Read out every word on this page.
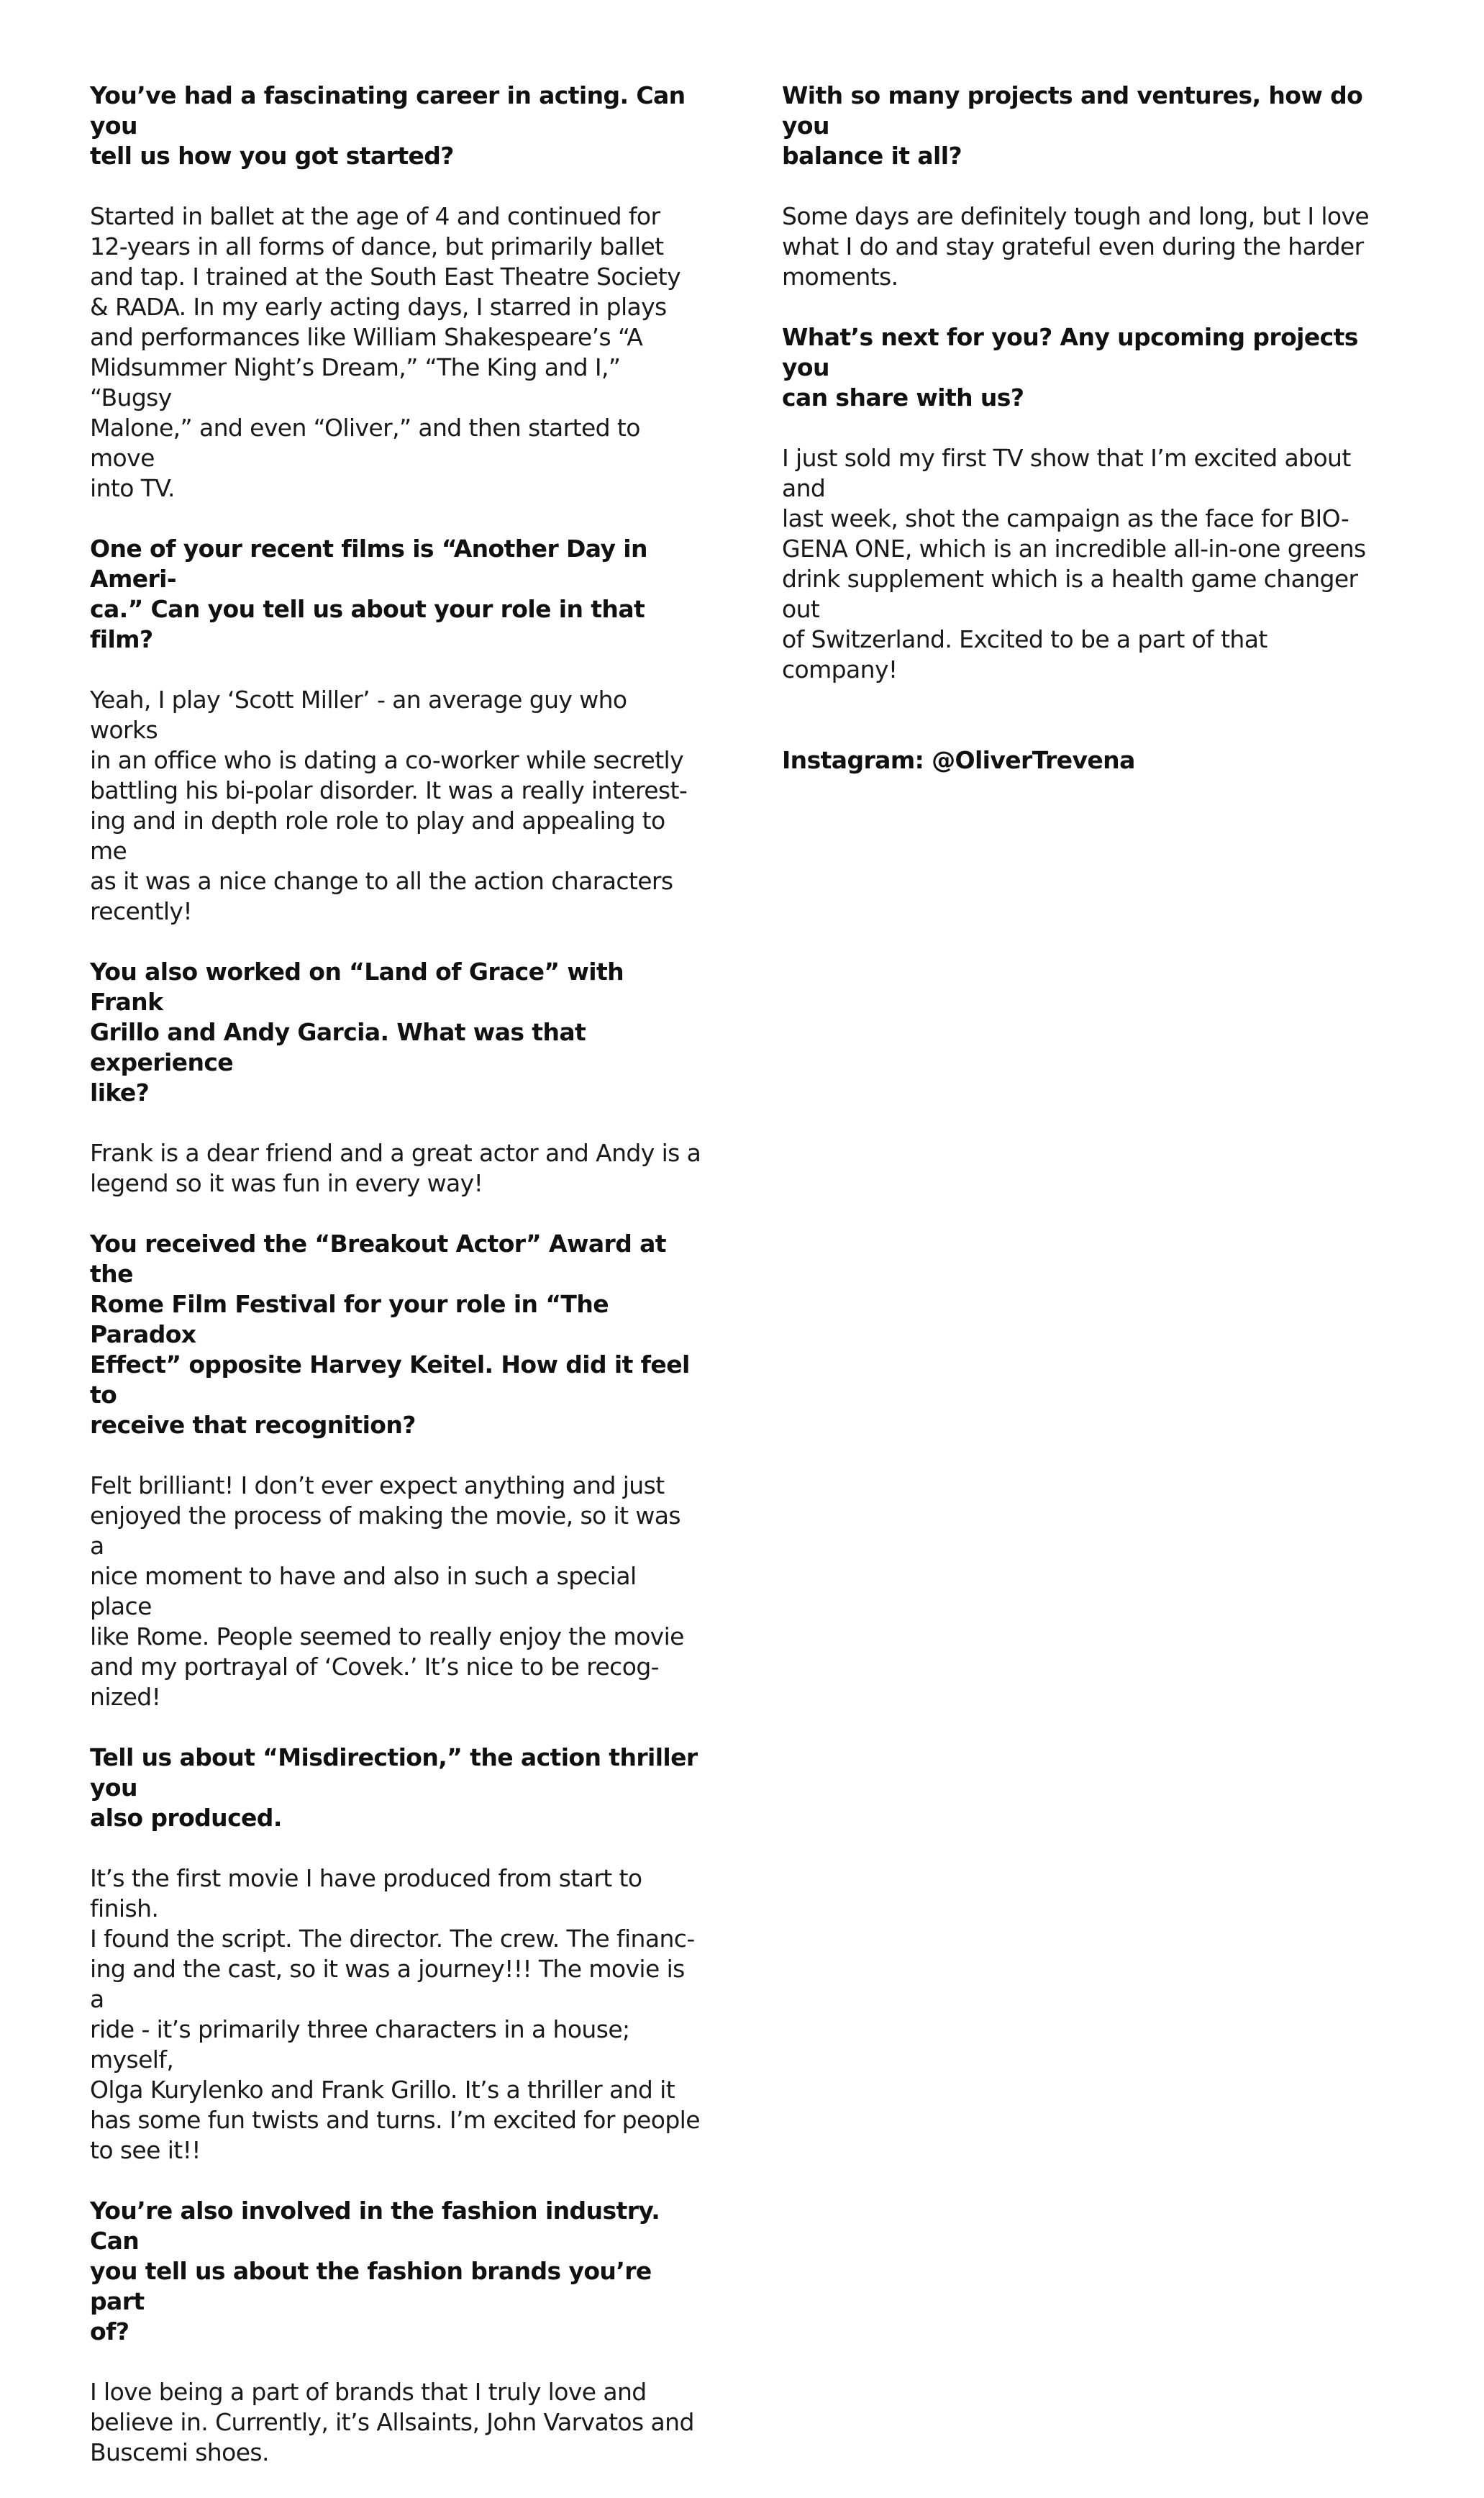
You’ve had a fascinating career in acting. Can you
tell us how you got started?

Started in ballet at the age of 4 and continued for
12-years in all forms of dance, but primarily ballet
and tap. I trained at the South East Theatre Society
& RADA. In my early acting days, I starred in plays
and performances like William Shakespeare’s “A
Midsummer Night’s Dream,” “The King and I,” “Bugsy
Malone,” and even “Oliver,” and then started to move
into TV.

One of your recent films is “Another Day in Ameri-
ca.” Can you tell us about your role in that film?

Yeah, I play ‘Scott Miller’ - an average guy who works
in an office who is dating a co-worker while secretly
battling his bi-polar disorder. It was a really interest-
ing and in depth role role to play and appealing to me
as it was a nice change to all the action characters
recently!

You also worked on “Land of Grace” with Frank
Grillo and Andy Garcia. What was that experience
like?

Frank is a dear friend and a great actor and Andy is a
legend so it was fun in every way!

You received the “Breakout Actor” Award at the
Rome Film Festival for your role in “The Paradox
Effect” opposite Harvey Keitel. How did it feel to
receive that recognition?

Felt brilliant! I don’t ever expect anything and just
enjoyed the process of making the movie, so it was a
nice moment to have and also in such a special place
like Rome. People seemed to really enjoy the movie
and my portrayal of ‘Covek.’ It’s nice to be recog-
nized!

Tell us about “Misdirection,” the action thriller you
also produced.

It’s the first movie I have produced from start to finish.
I found the script. The director. The crew. The financ-
ing and the cast, so it was a journey!!! The movie is a
ride - it’s primarily three characters in a house; myself,
Olga Kurylenko and Frank Grillo. It’s a thriller and it
has some fun twists and turns. I’m excited for people
to see it!!

You’re also involved in the fashion industry. Can
you tell us about the fashion brands you’re part
of?

I love being a part of brands that I truly love and
believe in. Currently, it’s Allsaints, John Varvatos and
Buscemi shoes.

With so many projects and ventures, how do you
balance it all?

Some days are definitely tough and long, but I love
what I do and stay grateful even during the harder
moments.

What’s next for you? Any upcoming projects you
can share with us?

I just sold my first TV show that I’m excited about and
last week, shot the campaign as the face for BIO-
GENA ONE, which is an incredible all-in-one greens
drink supplement which is a health game changer out
of Switzerland. Excited to be a part of that company!

Instagram: @OliverTrevena
